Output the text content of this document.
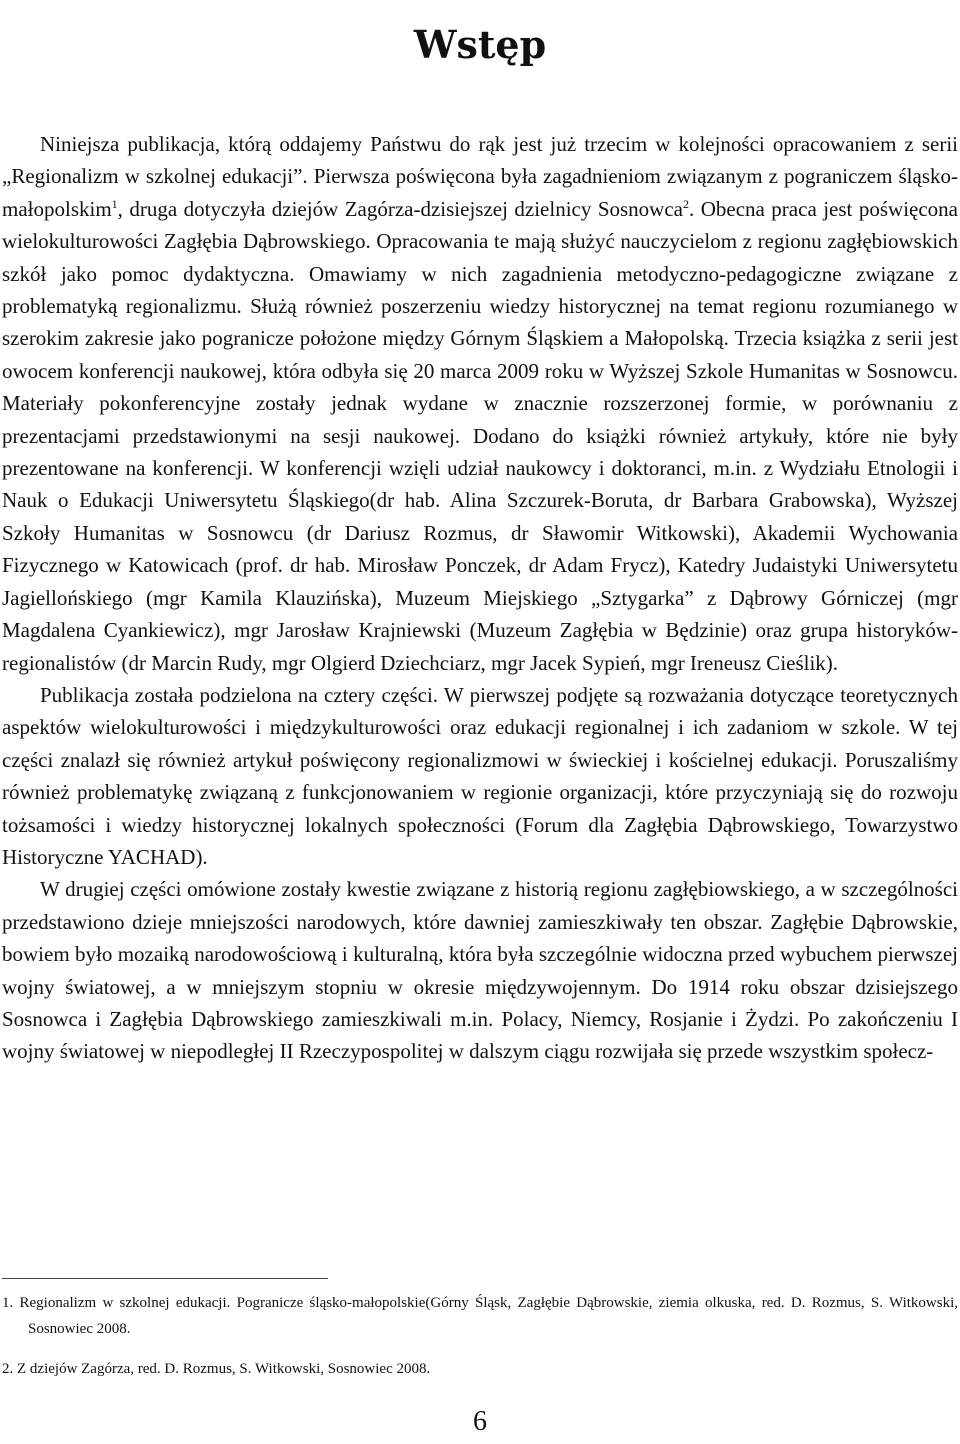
Wstęp

Niniejsza publikacja, którą oddajemy Państwu do rąk jest już trzecim w kolejności opracowaniem z serii „Regionalizm w szkolnej edukacji”. Pierwsza poświęcona była zagadnieniom związanym z pograniczem śląsko-małopolskim$^1$, druga dotyczyła dziejów Zagórza-dzisiejszej dzielnicy Sosnowca$^2$. Obecna praca jest poświęcona wielokulturowości Zagłębia Dąbrowskiego. Opracowania te mają służyć nauczycielom z regionu zagłębiowskich szkół jako pomoc dydaktyczna. Omawiamy w nich zagadnienia metodyczno-pedagogiczne związane z problematyką regionalizmu. Służą również poszerzeniu wiedzy historycznej na temat regionu rozumianego w szerokim zakresie jako pogranicze położone między Górnym Śląskiem a Małopolską. Trzecia książka z serii jest owocem konferencji naukowej, która odbyła się 20 marca 2009 roku w Wyższej Szkole Humanitas w Sosnowcu. Materiały pokonferencyjne zostały jednak wydane w znacznie rozszerzonej formie, w porównaniu z prezentacjami przedstawionymi na sesji naukowej. Dodano do książki również artykuły, które nie były prezentowane na konferencji. W konferencji wzięli udział naukowcy i doktoranci, m.in. z Wydziału Etnologii i Nauk o Edukacji Uniwersytetu Śląskiego(dr hab. Alina Szczurek-Boruta, dr Barbara Grabowska), Wyższej Szkoły Humanitas w Sosnowcu (dr Dariusz Rozmus, dr Sławomir Witkowski), Akademii Wychowania Fizycznego w Katowicach (prof. dr hab. Mirosław Ponczek, dr Adam Frycz), Katedry Judaistyki Uniwersytetu Jagiellońskiego (mgr Kamila Klauzińska), Muzeum Miejskiego „Sztygarka” z Dąbrowy Górniczej (mgr Magdalena Cyankiewicz), mgr Jarosław Krajniewski (Muzeum Zagłębia w Będzinie) oraz grupa historyków-regionalistów (dr Marcin Rudy, mgr Olgierd Dziechciarz, mgr Jacek Sypień, mgr Ireneusz Cieślik).

Publikacja została podzielona na cztery części. W pierwszej podjęte są rozważania dotyczące teoretycznych aspektów wielokulturowości i międzykulturowości oraz edukacji regionalnej i ich zadaniom w szkole. W tej części znalazł się również artykuł poświęcony regionalizmowi w świeckiej i kościelnej edukacji. Poruszaliśmy również problematykę związaną z funkcjonowaniem w regionie organizacji, które przyczyniają się do rozwoju tożsamości i wiedzy historycznej lokalnych społeczności (Forum dla Zagłębia Dąbrowskiego, Towarzystwo Historyczne YACHAD).

W drugiej części omówione zostały kwestie związane z historią regionu zagłębiowskiego, a w szczególności przedstawiono dzieje mniejszości narodowych, które dawniej zamieszkiwały ten obszar. Zagłębie Dąbrowskie, bowiem było mozaiką narodowościową i kulturalną, która była szczególnie widoczna przed wybuchem pierwszej wojny światowej, a w mniejszym stopniu w okresie międzywojennym. Do 1914 roku obszar dzisiejszego Sosnowca i Zagłębia Dąbrowskiego zamieszkiwali m.in. Polacy, Niemcy, Rosjanie i Żydzi. Po zakończeniu I wojny światowej w niepodległej II Rzeczypospolitej w dalszym ciągu rozwijała się przede wszystkim społecz-

1. Regionalizm w szkolnej edukacji. Pogranicze śląsko-małopolskie(Górny Śląsk, Zagłębie Dąbrowskie, ziemia olkuska, red. D. Rozmus, S. Witkowski, Sosnowiec 2008.
2. Z dziejów Zagórza, red. D. Rozmus, S. Witkowski, Sosnowiec 2008.
6
